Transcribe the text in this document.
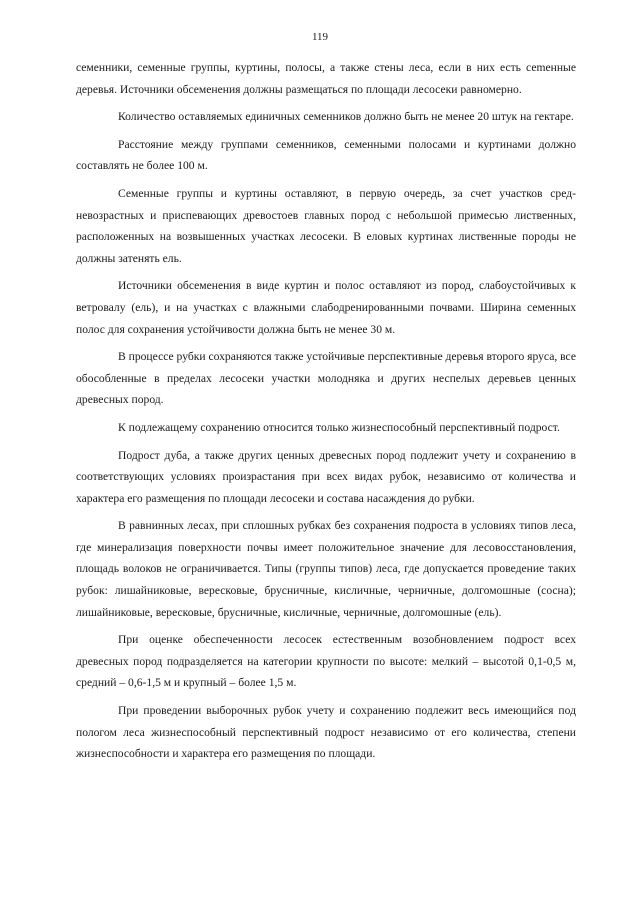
119

семенники, семенные группы, куртины, полосы, а также стены леса, если в них есть сеmенные деревья. Источники обсеменения должны размещаться по площади лесосеки равномерно.

Количество оставляемых единичных семенников должно быть не менее 20 штук на гектаре.

Расстояние между группами семенников, семенными полосами и куртинами должно составлять не более 100 м.

Семенные группы и куртины оставляют, в первую очередь, за счет участков средневозрастных и приспевающих древостоев главных пород с небольшой примесью лиственных, расположенных на возвышенных участках лесосеки. В еловых куртинах лиственные породы не должны затенять ель.

Источники обсеменения в виде куртин и полос оставляют из пород, слабоустойчивых к ветровалу (ель), и на участках с влажными слабодренированными почвами. Ширина семенных полос для сохранения устойчивости должна быть не менее 30 м.

В процессе рубки сохраняются также устойчивые перспективные деревья второго яруса, все обособленные в пределах лесосеки участки молодняка и других неспелых деревьев ценных древесных пород.

К подлежащему сохранению относится только жизнеспособный перспективный подрост.

Подрост дуба, а также других ценных древесных пород подлежит учету и сохранению в соответствующих условиях произрастания при всех видах рубок, независимо от количества и характера его размещения по площади лесосеки и состава насаждения до рубки.

В равнинных лесах, при сплошных рубках без сохранения подроста в условиях типов леса, где минерализация поверхности почвы имеет положительное значение для лесовосстановления, площадь волоков не ограничивается. Типы (группы типов) леса, где допускается проведение таких рубок: лишайниковые, вересковые, брусничные, кисличные, черничные, долгомошные (сосна); лишайниковые, вересковые, брусничные, кисличные, черничные, долгомошные (ель).

При оценке обеспеченности лесосек естественным возобновлением подрост всех древесных пород подразделяется на категории крупности по высоте: мелкий – высотой 0,1-0,5 м, средний – 0,6-1,5 м и крупный – более 1,5 м.

При проведении выборочных рубок учету и сохранению подлежит весь имеющийся под пологом леса жизнеспособный перспективный подрост независимо от его количества, степени жизнеспособности и характера его размещения по площади.
